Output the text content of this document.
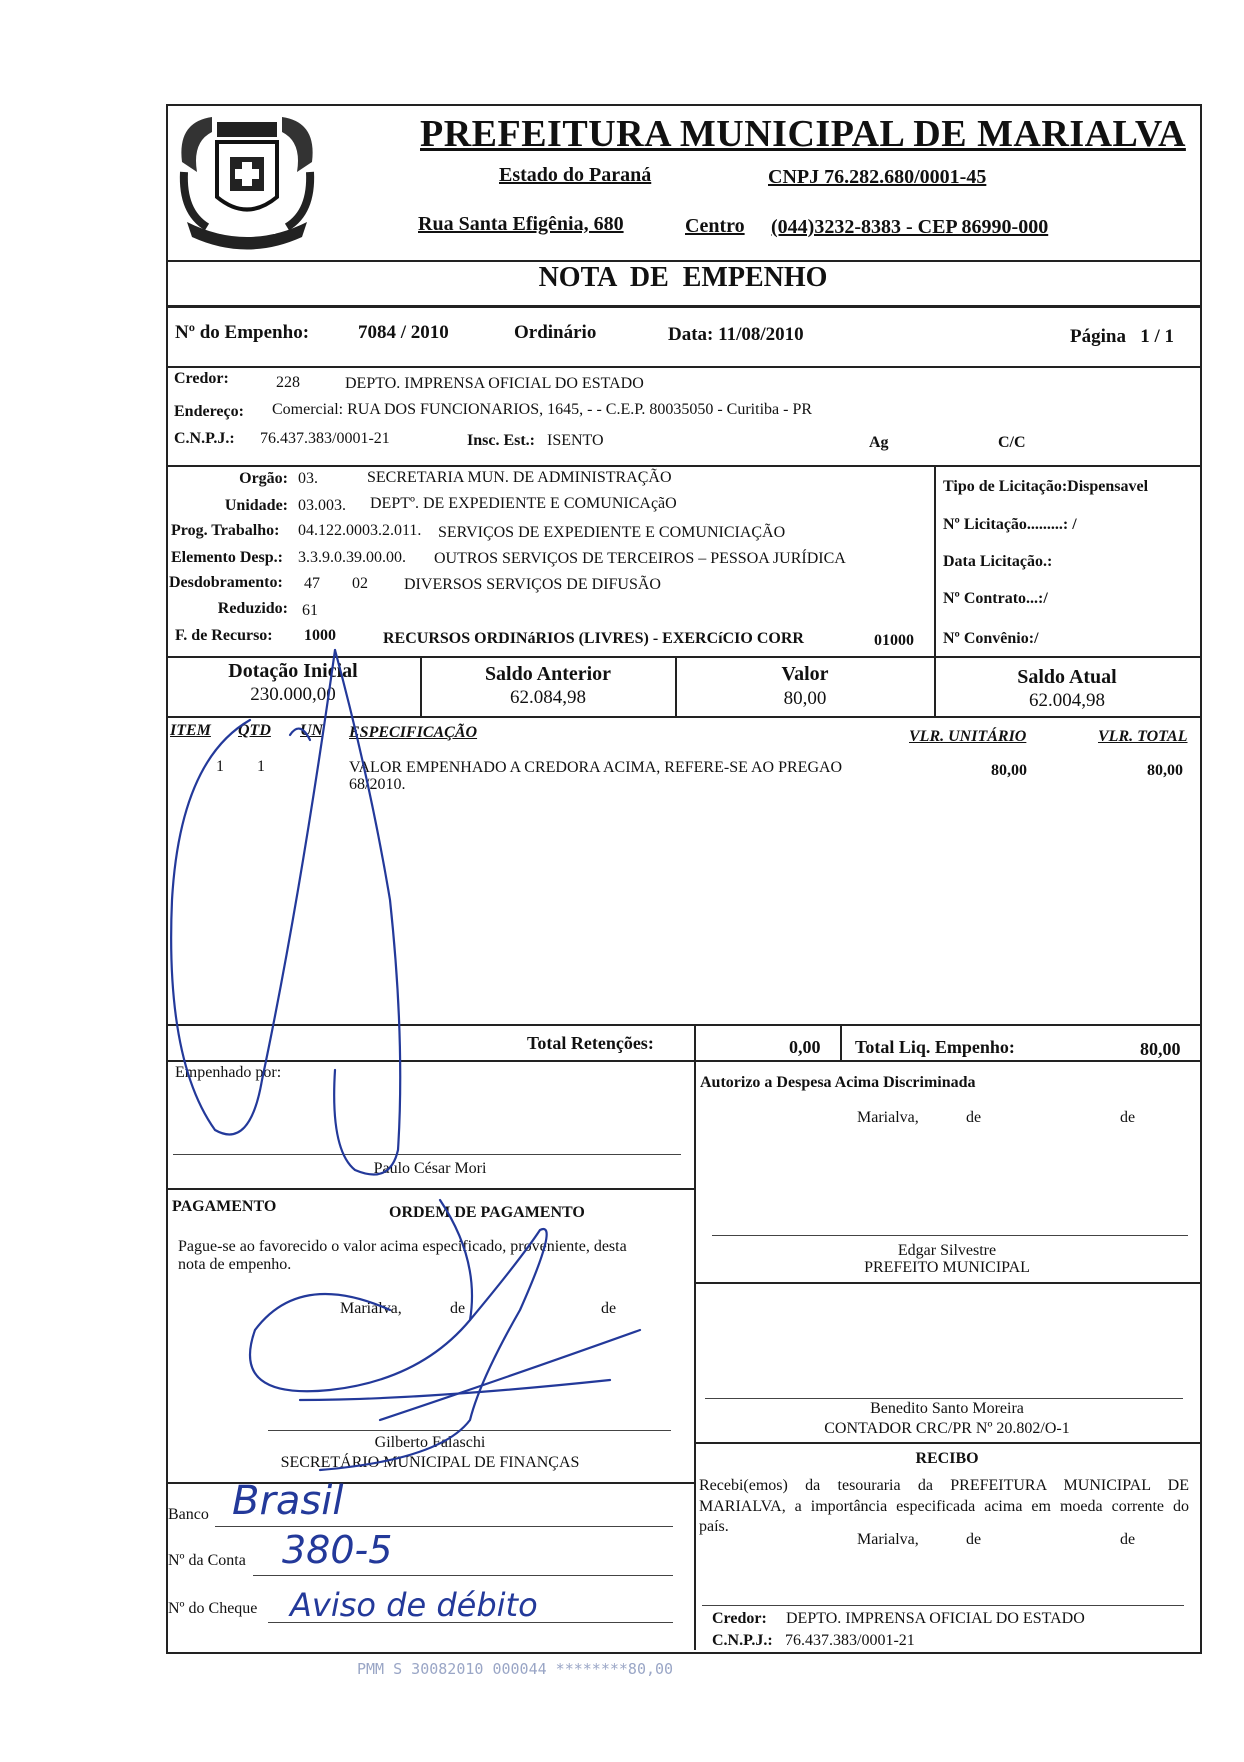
MARIALVA
PREFEITURA MUNICIPAL DE MARIALVA
Estado do Paraná	CNPJ 76.282.680/0001-45
Rua Santa Efigênia, 680	Centro (044)3232-8383 - CEP 86990-000
NOTA  DE  EMPENHO
Nº do Empenho:	7084 / 2010	Ordinário	Data: 11/08/2010	Página   1 / 1
Credor:	228	DEPTO. IMPRENSA OFICIAL DO ESTADO
Endereço: Comercial: RUA DOS FUNCIONARIOS, 1645, - - C.E.P. 80035050 - Curitiba - PR
C.N.P.J.: 76.437.383/0001-21	Insc. Est.: ISENTO	Ag	C/C
Orgão: 03.	SECRETARIA MUN. DE ADMINISTRAÇÃO
Unidade: 03.003. DEPTº. DE EXPEDIENTE E COMUNICAçãO
Prog. Trabalho: 04.122.0003.2.011. SERVIÇOS DE EXPEDIENTE E COMUNICIAÇÃO
Elemento Desp.: 3.3.9.0.39.00.00. OUTROS SERVIÇOS DE TERCEIROS – PESSOA JURÍDICA
Desdobramento: 47 02 DIVERSOS SERVIÇOS DE DIFUSÃO
Reduzido: 61
F. de Recurso: 1000	RECURSOS ORDINáRIOS (LIVRES) - EXERCíCIO CORR	01000
Tipo de Licitação:Dispensavel
Nº Licitação.........: /
Data Licitação.:
Nº Contrato...:/
Nº Convênio:/
Dotação Inicial
230.000,00
Saldo Anterior
62.084,98
Valor
80,00
Saldo Atual
62.004,98
ITEM QTD UN ESPECIFICAÇÃO	VLR. UNITÁRIO	VLR. TOTAL
1 1	VALOR EMPENHADO A CREDORA ACIMA, REFERE-SE AO PREGAO
68/2010.
80,00	80,00
Total Retenções:	0,00 Total Liq. Empenho:	80,00
Empenhado por:
Paulo César Mori
Autorizo a Despesa Acima Discriminada
Marialva,	de	de
Edgar Silvestre
PREFEITO MUNICIPAL
PAGAMENTO	ORDEM DE PAGAMENTO
Pague-se ao favorecido o valor acima especificado, proveniente, desta
nota de empenho.
Marialva,	de	de
Gilberto Falaschi
SECRETÁRIO MUNICIPAL DE FINANÇAS
Benedito Santo Moreira
CONTADOR CRC/PR Nº 20.802/O-1
RECIBO
Recebi(emos) da tesouraria da PREFEITURA MUNICIPAL DE
MARIALVA, a importância especificada acima em moeda corrente do
país.
Marialva,	de	de
Credor: DEPTO. IMPRENSA OFICIAL DO ESTADO
C.N.P.J.: 76.437.383/0001-21
Banco Brasil
Nº da Conta 380-5
Nº do Cheque Aviso de débito
PMM S 30082010 000044 ********80,00
